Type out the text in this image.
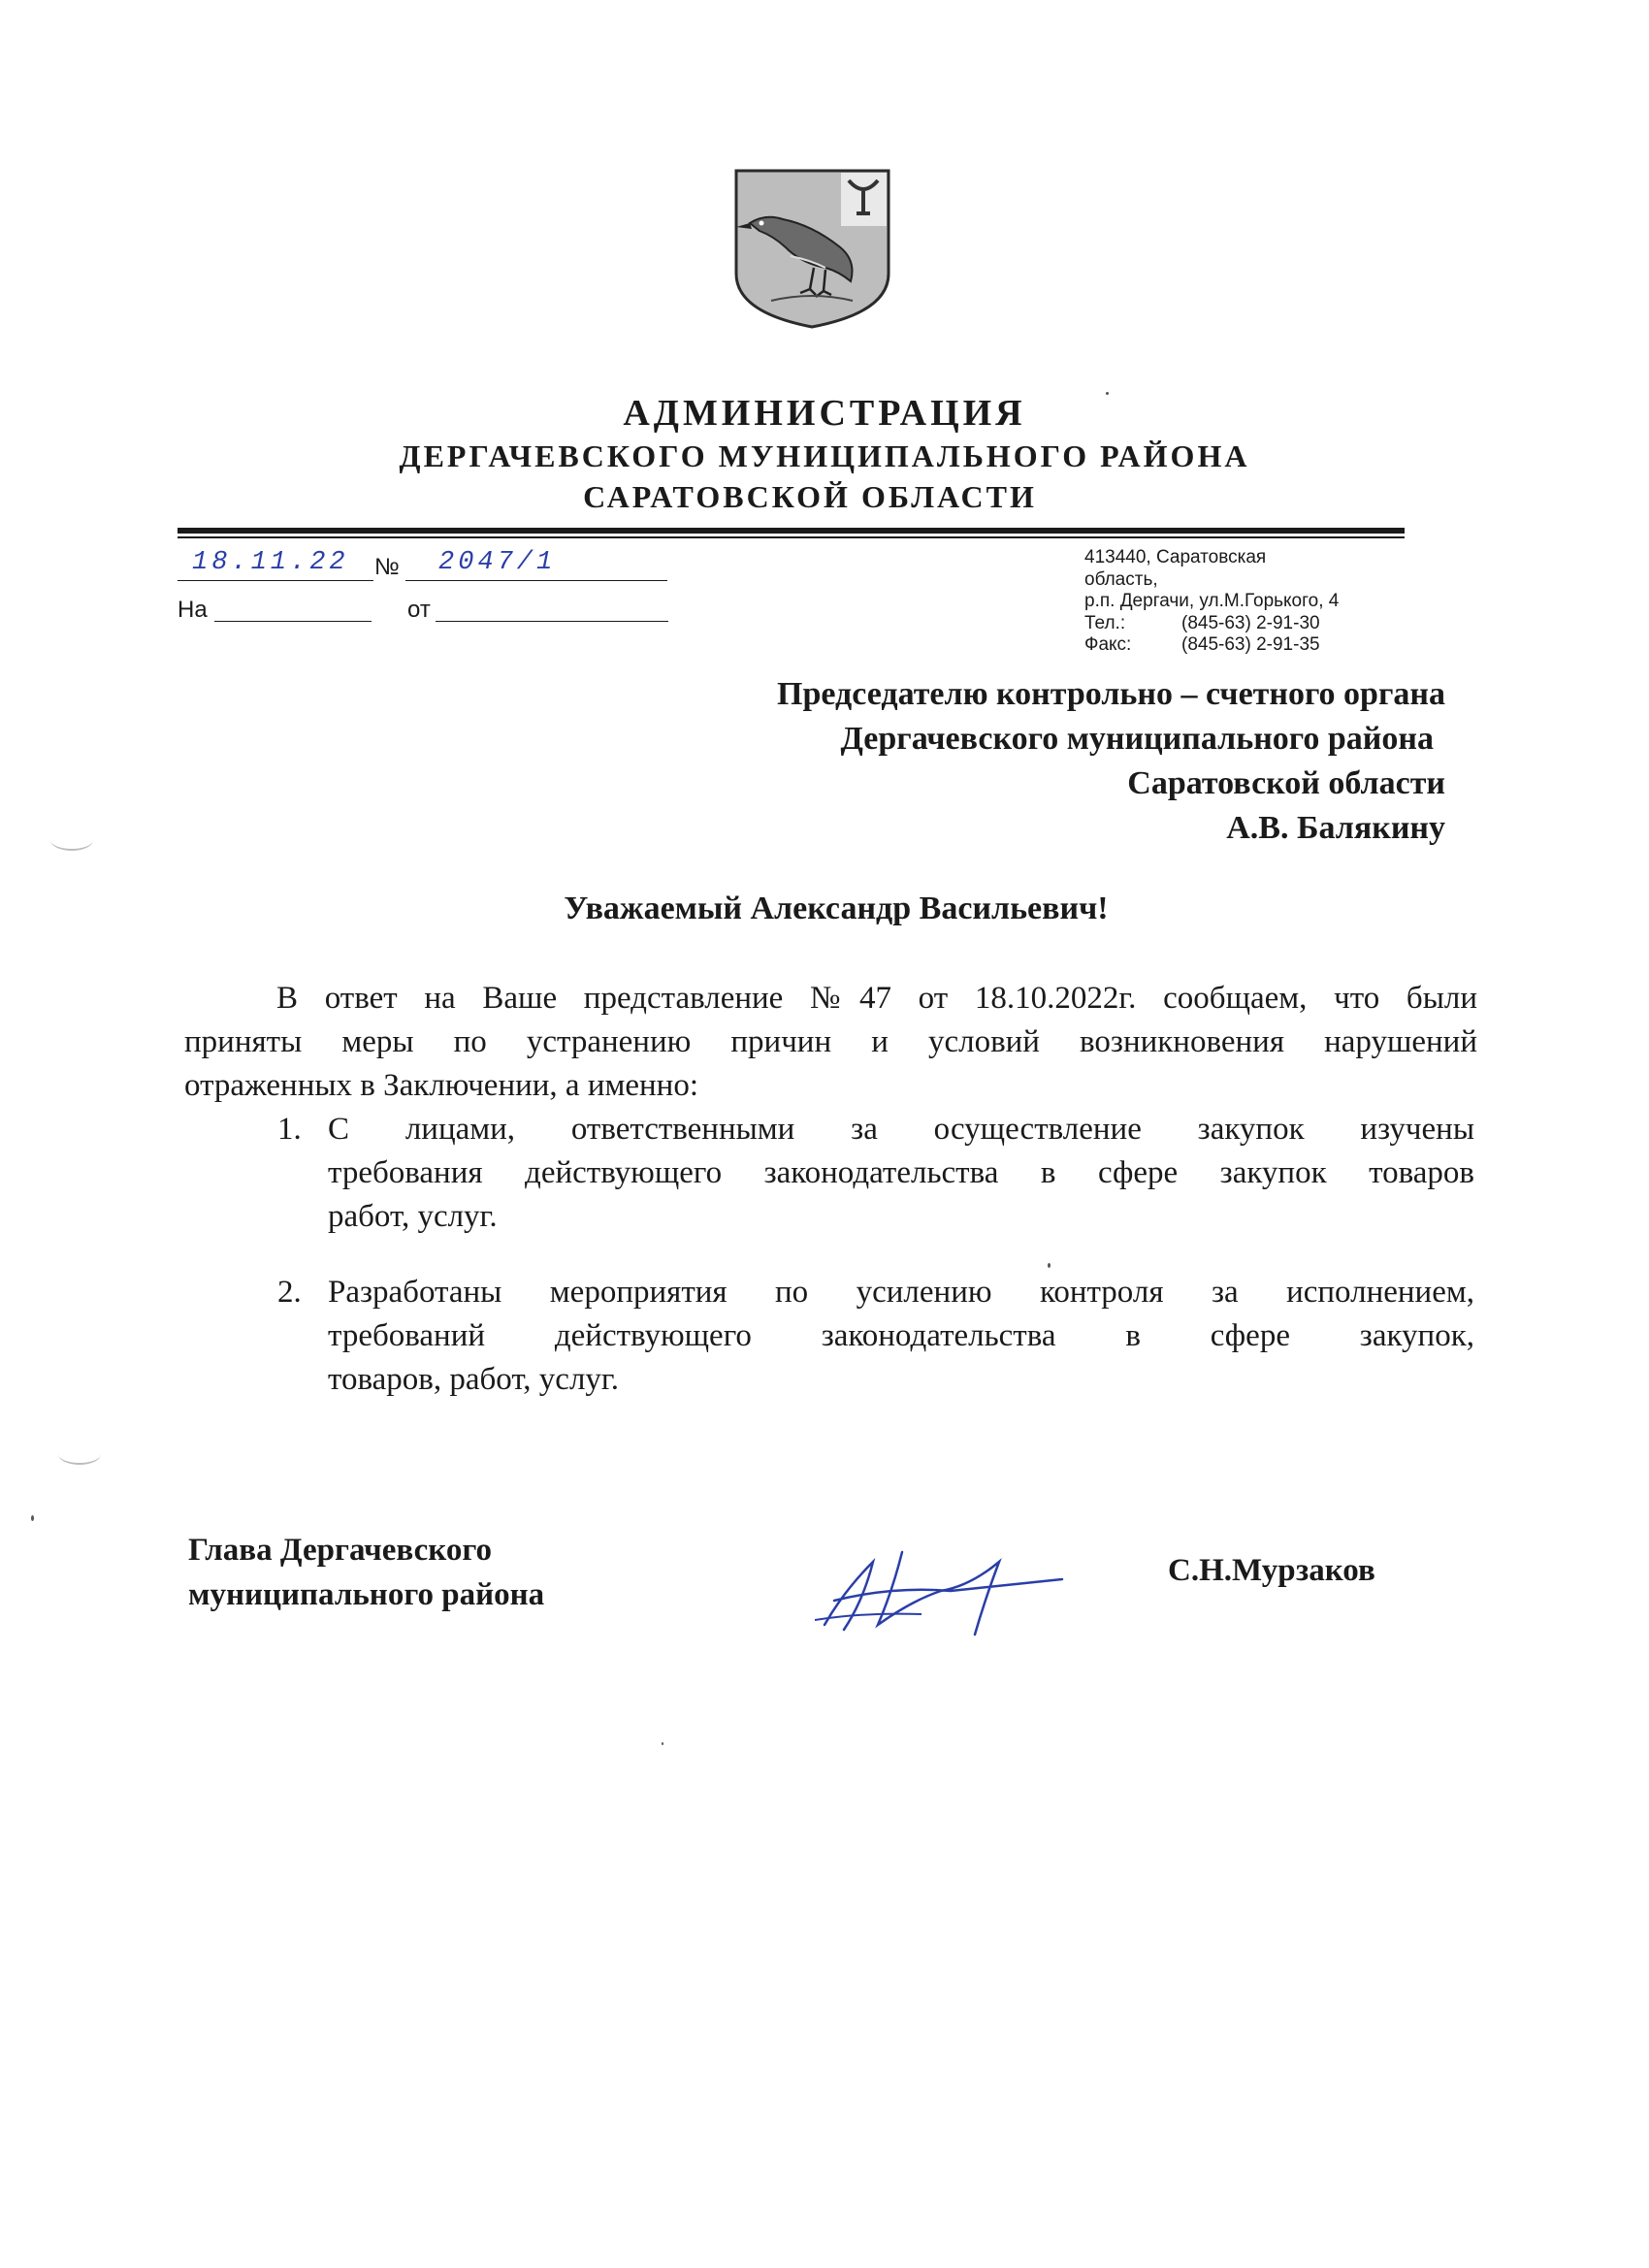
АДМИНИСТРАЦИЯ
ДЕРГАЧЕВСКОГО МУНИЦИПАЛЬНОГО РАЙОНА
САРАТОВСКОЙ ОБЛАСТИ
18.11.22 № 2047/1
На	от
413440, Саратовская
область,
р.п. Дергачи, ул.М.Горького, 4
Тел.:	(845-63) 2-91-30
Факс:	(845-63) 2-91-35
Председателю контрольно – счетного органа
Дергачевского муниципального района
Саратовской области
А.В. Балякину
Уважаемый Александр Васильевич!
В ответ на Ваше представление №47 от 18.10.2022г. сообщаем, что были
приняты меры по устранению причин и условий возникновения нарушений
отраженных в Заключении, а именно:
1. С лицами, ответственными за осуществление закупок изучены
требования действующего законодательства в сфере закупок товаров
работ, услуг.
2. Разработаны мероприятия по усилению контроля за исполнением,
требований действующего законодательства в сфере закупок,
товаров, работ, услуг.
Глава Дергачевского
муниципального района
С.Н.Мурзаков
